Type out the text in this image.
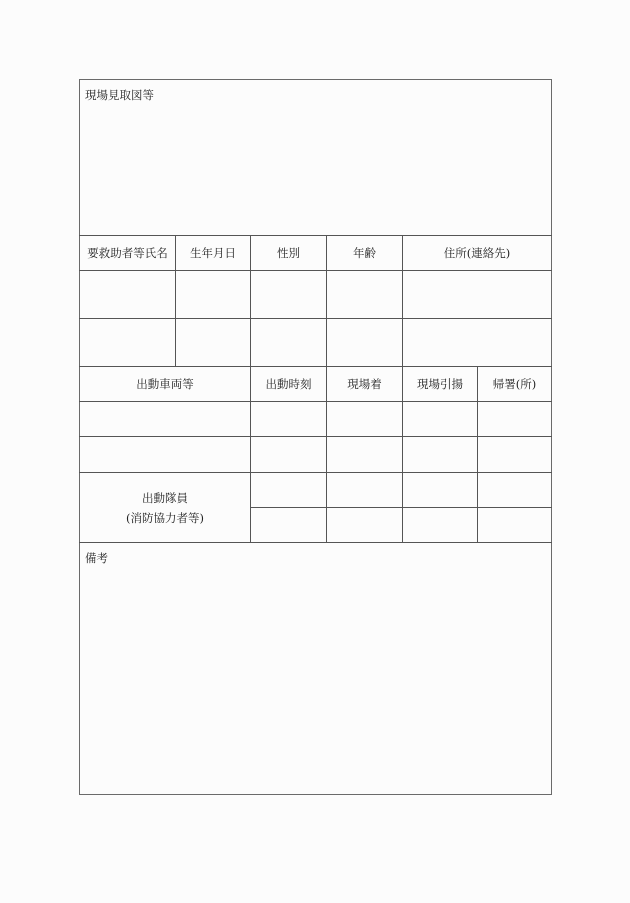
現場見取図等
要救助者等氏名	生年月日	性別	年齢	住所(連絡先)
出動車両等	出動時刻	現場着	現場引揚	帰署(所)
出動隊員
(消防協力者等)
備考
